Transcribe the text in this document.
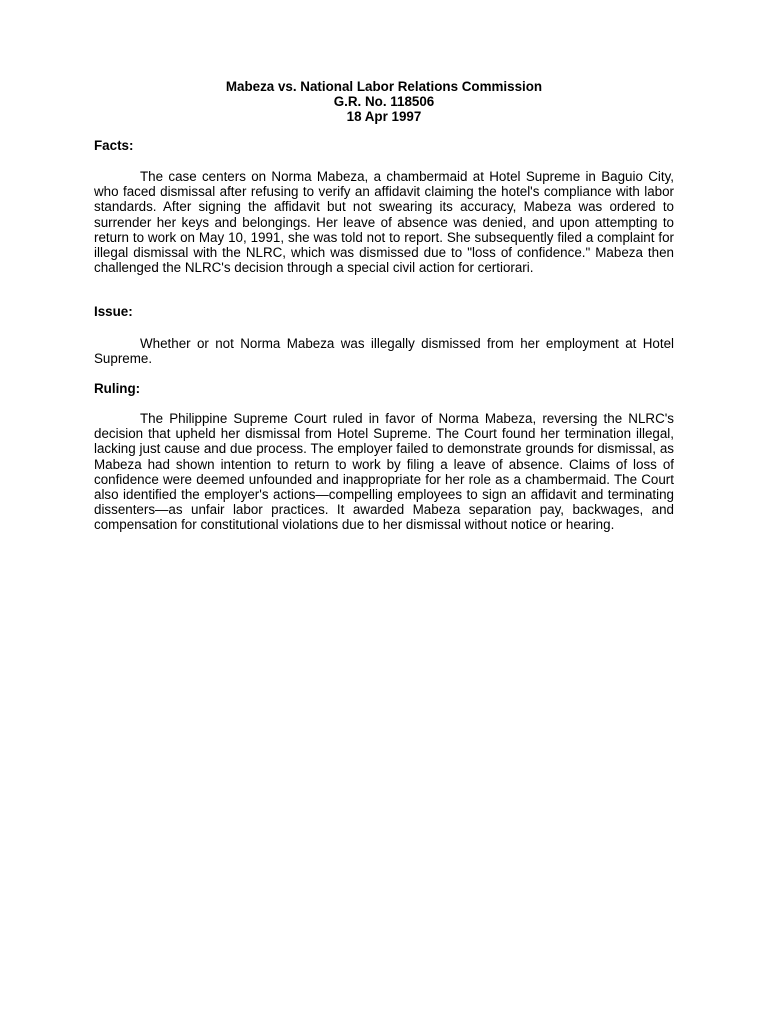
Mabeza vs. National Labor Relations Commission
G.R. No. 118506
18 Apr 1997

Facts:

The case centers on Norma Mabeza, a chambermaid at Hotel Supreme in Baguio City, who faced dismissal after refusing to verify an affidavit claiming the hotel's compliance with labor standards. After signing the affidavit but not swearing its accuracy, Mabeza was ordered to surrender her keys and belongings. Her leave of absence was denied, and upon attempting to return to work on May 10, 1991, she was told not to report. She subsequently filed a complaint for illegal dismissal with the NLRC, which was dismissed due to "loss of confidence." Mabeza then challenged the NLRC's decision through a special civil action for certiorari.

Issue:

Whether or not Norma Mabeza was illegally dismissed from her employment at Hotel Supreme.

Ruling:

The Philippine Supreme Court ruled in favor of Norma Mabeza, reversing the NLRC's decision that upheld her dismissal from Hotel Supreme. The Court found her termination illegal, lacking just cause and due process. The employer failed to demonstrate grounds for dismissal, as Mabeza had shown intention to return to work by filing a leave of absence. Claims of loss of confidence were deemed unfounded and inappropriate for her role as a chambermaid. The Court also identified the employer's actions—compelling employees to sign an affidavit and terminating dissenters—as unfair labor practices. It awarded Mabeza separation pay, backwages, and compensation for constitutional violations due to her dismissal without notice or hearing.
